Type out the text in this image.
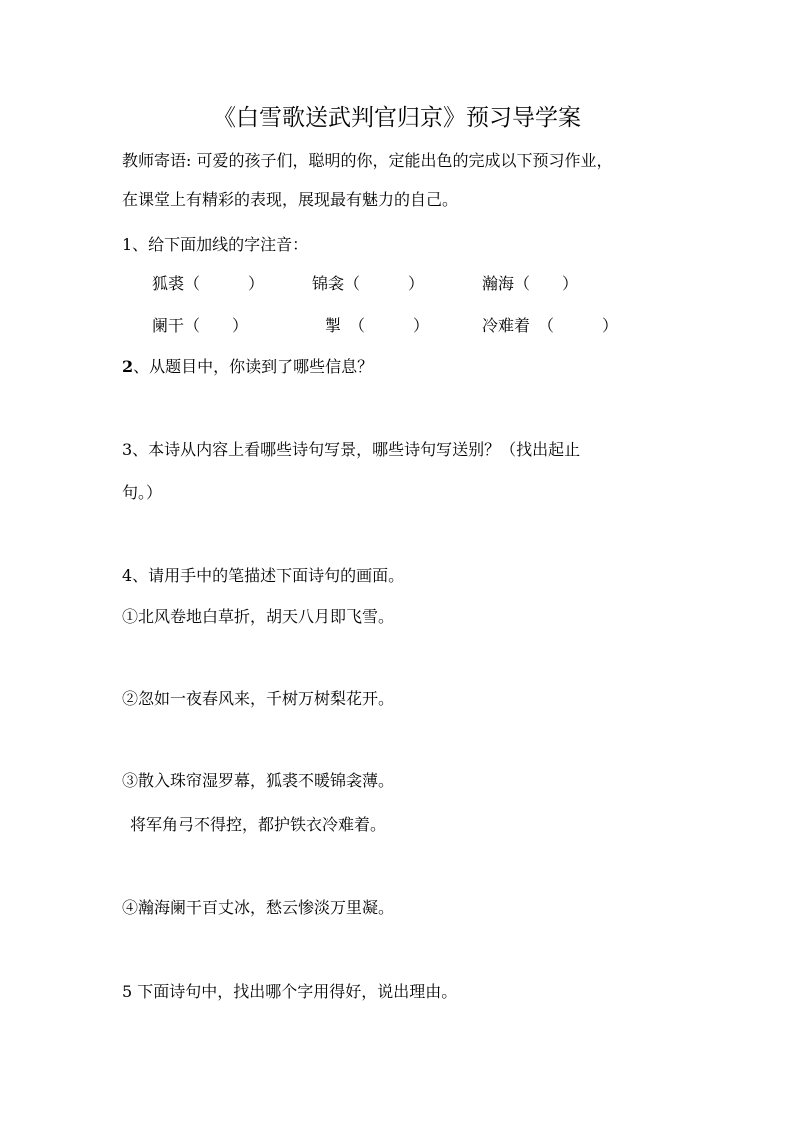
《白雪歌送武判官归京》预习导学案
教师寄语: 可爱的孩子们，聪明的你，定能出色的完成以下预习作业，
在课堂上有精彩的表现，展现最有魅力的自己。
1、给下面加线的字注音：
狐裘（　　　）	锦衾（　　　）	瀚海（　　）
阑干（　　）	掣　（　　　）	冷难着　（　　　）
2、从题目中，你读到了哪些信息？
3、本诗从内容上看哪些诗句写景，哪些诗句写送别？（找出起止
句。）
4、请用手中的笔描述下面诗句的画面。
①北风卷地白草折，胡天八月即飞雪。
②忽如一夜春风来，千树万树梨花开。
③散入珠帘湿罗幕，狐裘不暖锦衾薄。
将军角弓不得控，都护铁衣冷难着。
④瀚海阑干百丈冰，愁云惨淡万里凝。
5 下面诗句中，找出哪个字用得好，说出理由。
